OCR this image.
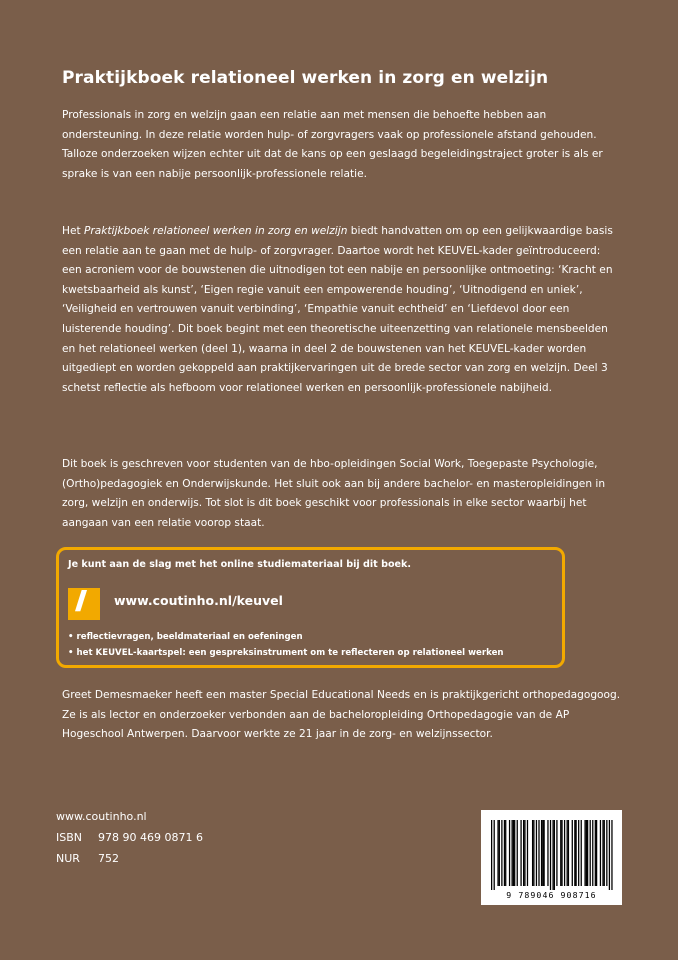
Praktijkboek relationeel werken in zorg en welzijn

Professionals in zorg en welzijn gaan een relatie aan met mensen die behoefte hebben aan ondersteuning. In deze relatie worden hulp- of zorgvragers vaak op professionele afstand gehouden. Talloze onderzoeken wijzen echter uit dat de kans op een geslaagd begeleidingstraject groter is als er sprake is van een nabije persoonlijk-professionele relatie.

Het Praktijkboek relationeel werken in zorg en welzijn biedt handvatten om op een gelijkwaardige basis een relatie aan te gaan met de hulp- of zorgvrager. Daartoe wordt het KEUVEL-kader geïntroduceerd: een acroniem voor de bouwstenen die uitnodigen tot een nabije en persoonlijke ontmoeting: ‘Kracht en kwetsbaarheid als kunst’, ‘Eigen regie vanuit een empowerende houding’, ‘Uitnodigend en uniek’, ‘Veiligheid en vertrouwen vanuit verbinding’, ‘Empathie vanuit echtheid’ en ‘Liefdevol door een luisterende houding’. Dit boek begint met een theoretische uiteenzetting van relationele mensbeelden en het relationeel werken (deel 1), waarna in deel 2 de bouwstenen van het KEUVEL-kader worden uitgediept en worden gekoppeld aan praktijkervaringen uit de brede sector van zorg en welzijn. Deel 3 schetst reflectie als hefboom voor relationeel werken en persoonlijk-professionele nabijheid.

Dit boek is geschreven voor studenten van de hbo-opleidingen Social Work, Toegepaste Psychologie, (Ortho)pedagogiek en Onderwijskunde. Het sluit ook aan bij andere bachelor- en masteropleidingen in zorg, welzijn en onderwijs. Tot slot is dit boek geschikt voor professionals in elke sector waarbij het aangaan van een relatie voorop staat.

Je kunt aan de slag met het online studiemateriaal bij dit boek.
//	www.coutinho.nl/keuvel
• reflectievragen, beeldmateriaal en oefeningen
• het KEUVEL-kaartspel: een gespreksinstrument om te reflecteren op relationeel werken

Greet Demesmaeker heeft een master Special Educational Needs en is praktijkgericht orthopedagogoog. Ze is als lector en onderzoeker verbonden aan de bacheloropleiding Orthopedagogie van de AP Hogeschool Antwerpen. Daarvoor werkte ze 21 jaar in de zorg- en welzijnssector.

www.coutinho.nl
ISBN 978 90 469 0871 6
NUR 752
9 789046 908716
